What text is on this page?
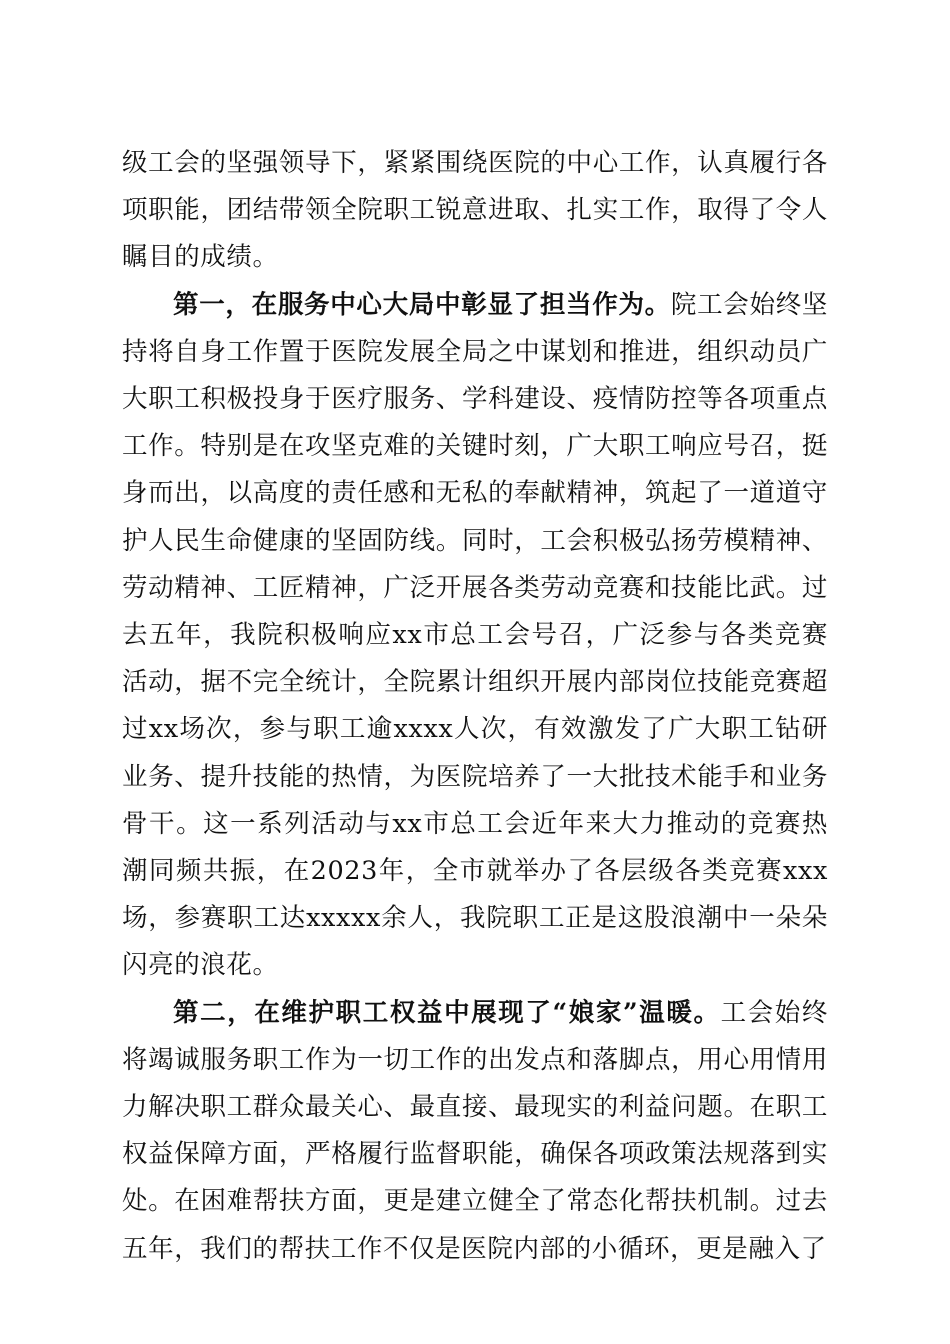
级工会的坚强领导下，紧紧围绕医院的中心工作，认真履行各项职能，团结带领全院职工锐意进取、扎实工作，取得了令人瞩目的成绩。

第一，在服务中心大局中彰显了担当作为。院工会始终坚持将自身工作置于医院发展全局之中谋划和推进，组织动员广大职工积极投身于医疗服务、学科建设、疫情防控等各项重点工作。特别是在攻坚克难的关键时刻，广大职工响应号召，挺身而出，以高度的责任感和无私的奉献精神，筑起了一道道守护人民生命健康的坚固防线。同时，工会积极弘扬劳模精神、劳动精神、工匠精神，广泛开展各类劳动竞赛和技能比武。过去五年，我院积极响应xx市总工会号召，广泛参与各类竞赛活动，据不完全统计，全院累计组织开展内部岗位技能竞赛超过xx场次，参与职工逾xxxx人次，有效激发了广大职工钻研业务、提升技能的热情，为医院培养了一大批技术能手和业务骨干。这一系列活动与xx市总工会近年来大力推动的竞赛热潮同频共振，在2023年，全市就举办了各层级各类竞赛xxx场，参赛职工达xxxxx余人，我院职工正是这股浪潮中一朵朵闪亮的浪花。

第二，在维护职工权益中展现了“娘家”温暖。工会始终将竭诚服务职工作为一切工作的出发点和落脚点，用心用情用力解决职工群众最关心、最直接、最现实的利益问题。在职工权益保障方面，严格履行监督职能，确保各项政策法规落到实处。在困难帮扶方面，更是建立健全了常态化帮扶机制。过去五年，我们的帮扶工作不仅是医院内部的小循环，更是融入了
